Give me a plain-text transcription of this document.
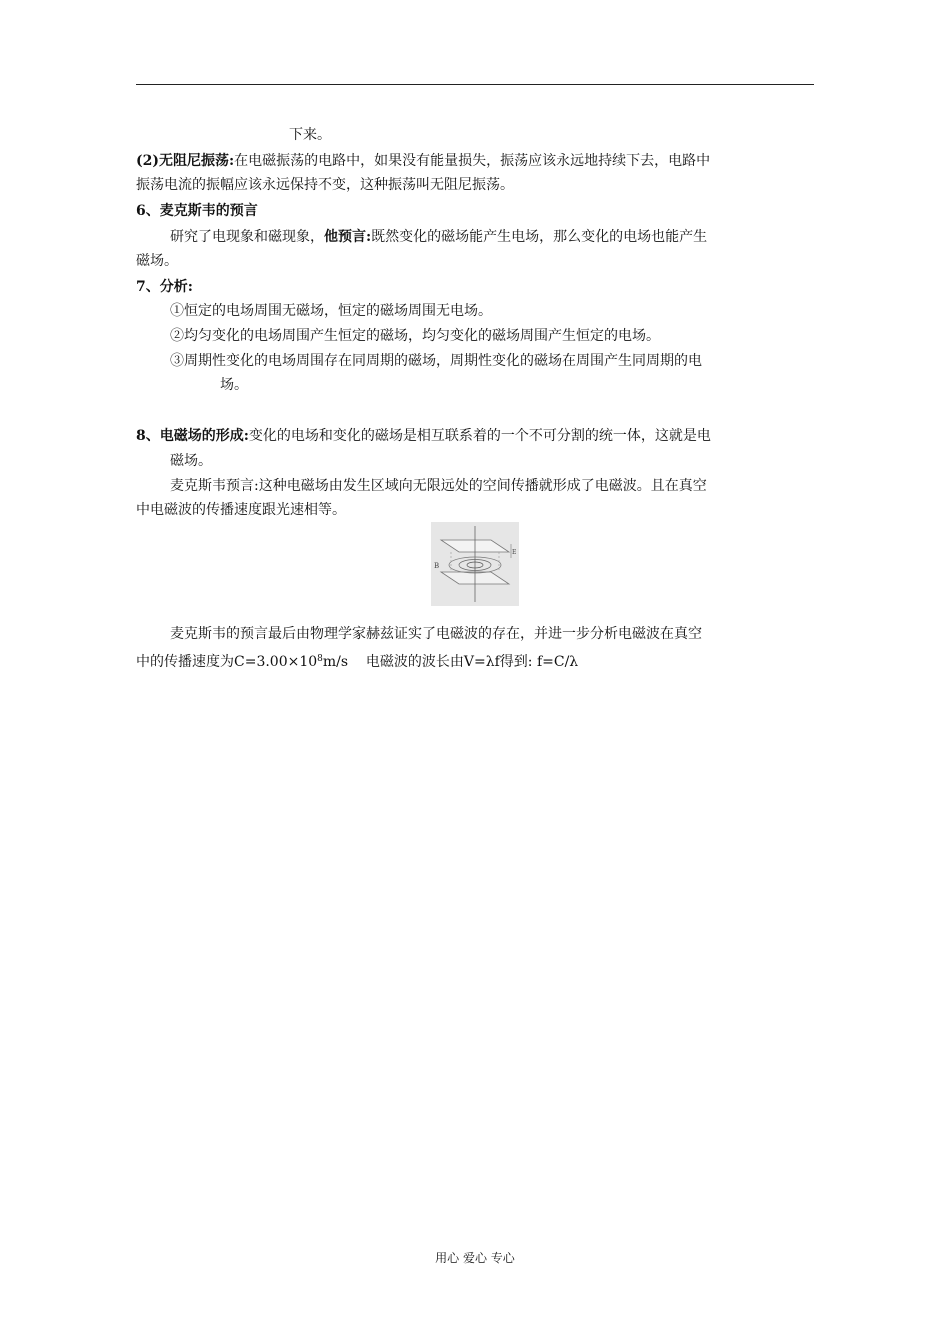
下来。
(2)无阻尼振荡:在电磁振荡的电路中，如果没有能量损失，振荡应该永远地持续下去，电路中
振荡电流的振幅应该永远保持不变，这种振荡叫无阻尼振荡。
6、麦克斯韦的预言
研究了电现象和磁现象，他预言:既然变化的磁场能产生电场，那么变化的电场也能产生
磁场。
7、分析:
①恒定的电场周围无磁场，恒定的磁场周围无电场。
②均匀变化的电场周围产生恒定的磁场，均匀变化的磁场周围产生恒定的电场。
③周期性变化的电场周围存在同周期的磁场，周期性变化的磁场在周围产生同周期的电
场。
8、电磁场的形成:变化的电场和变化的磁场是相互联系着的一个不可分割的统一体，这就是电
磁场。
麦克斯韦预言:这种电磁场由发生区域向无限远处的空间传播就形成了电磁波。且在真空
中电磁波的传播速度跟光速相等。
B
E
麦克斯韦的预言最后由物理学家赫兹证实了电磁波的存在，并进一步分析电磁波在真空
中的传播速度为$C=3.00\times 10^8m/s$    电磁波的波长由V=λf得到: f=C/λ
用心 爱心 专心
